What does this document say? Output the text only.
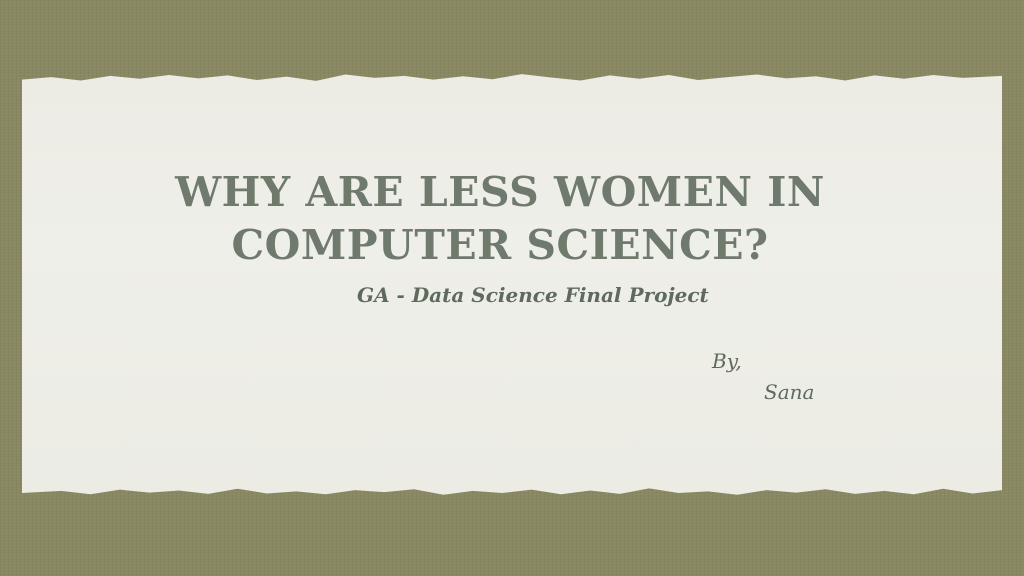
WHY ARE LESS WOMEN IN
COMPUTER SCIENCE?

GA - Data Science Final Project

By,

Sana
